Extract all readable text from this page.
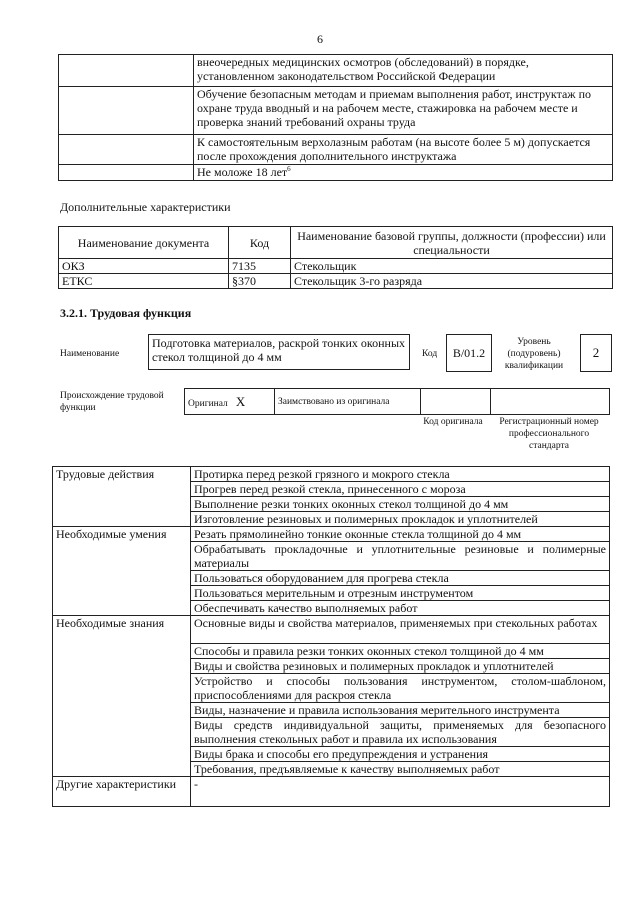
6
	внеочередных медицинских осмотров (обследований) в порядке, установленном законодательством Российской Федерации
	Обучение безопасным методам и приемам выполнения работ, инструктаж по охране труда вводный и на рабочем месте, стажировка на рабочем месте и проверка знаний требований охраны труда
	К самостоятельным верхолазным работам (на высоте более 5 м) допускается после прохождения дополнительного инструктажа
	Не моложе 18 лет$^6$
Дополнительные характеристики
Наименование документа	Код	Наименование базовой группы, должности (профессии) или специальности
ОКЗ	7135	Стекольщик
ЕТКС	§370	Стекольщик 3-го разряда
3.2.1. Трудовая функция
Наименование
Подготовка материалов, раскрой тонких оконных стекол толщиной до 4 мм	Код	В/01.2
Уровень (подуровень) квалификации
2
Происхождение трудовой функции	Оригинал X	Заимствовано из оригинала		
Код оригинала	Регистрационный номер профессионального стандарта
Трудовые действия	Протирка перед резкой грязного и мокрого стекла
	Прогрев перед резкой стекла, принесенного с мороза
	Выполнение резки тонких оконных стекол толщиной до 4 мм
	Изготовление резиновых и полимерных прокладок и уплотнителей
Необходимые умения	Резать прямолинейно тонкие оконные стекла толщиной до 4 мм
	Обрабатывать прокладочные и уплотнительные резиновые и полимерные материалы
	Пользоваться оборудованием для прогрева стекла
	Пользоваться мерительным и отрезным инструментом
	Обеспечивать качество выполняемых работ
Необходимые знания	Основные виды и свойства материалов, применяемых при стекольных работах
	Способы и правила резки тонких оконных стекол толщиной до 4 мм
	Виды и свойства резиновых и полимерных прокладок и уплотнителей
	Устройство и способы пользования инструментом, столом-шаблоном, приспособлениями для раскроя стекла
	Виды, назначение и правила использования мерительного инструмента
	Виды средств индивидуальной защиты, применяемых для безопасного выполнения стекольных работ и правила их использования
	Виды брака и способы его предупреждения и устранения
	Требования, предъявляемые к качеству выполняемых работ
Другие характеристики	-
